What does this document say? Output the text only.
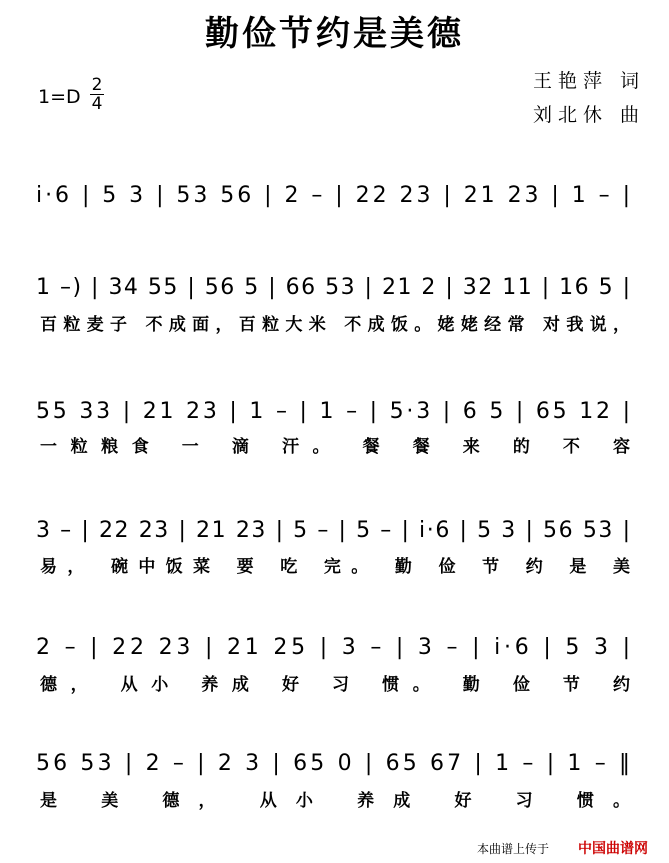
勤俭节约是美德
$1=D \frac{2}{4}$	王艳萍 词
刘北休 曲
i·6 | 5 3 | 53 56 | 2 – | 22 23 | 21 23 | 1 – |
1 –) | 34 55 | 56 5 | 66 53 | 21 2 | 32 11 | 16 5 |
百粒麦子 不成面，百粒大米 不成饭。姥姥经常 对我说，
55 33 | 21 23 | 1 – | 1 – | 5·3 | 6 5 | 65 12 |
一粒粮食 一 滴 汗。 餐 餐 来 的 不 容
3 – | 22 23 | 21 23 | 5 – | 5 – | i·6 | 5 3 | 56 53 |
易， 碗中饭菜 要 吃 完。 勤 俭 节 约 是 美
2 – | 22 23 | 21 25 | 3 – | 3 – | i·6 | 5 3 |
德， 从小 养成 好 习 惯。 勤 俭 节 约
56 53 | 2 – | 2 3 | 65 0 | 65 67 | 1 – | 1 – ‖
是 美 德， 从小 养成 好 习 惯。
本曲谱上传于 中国曲谱网
